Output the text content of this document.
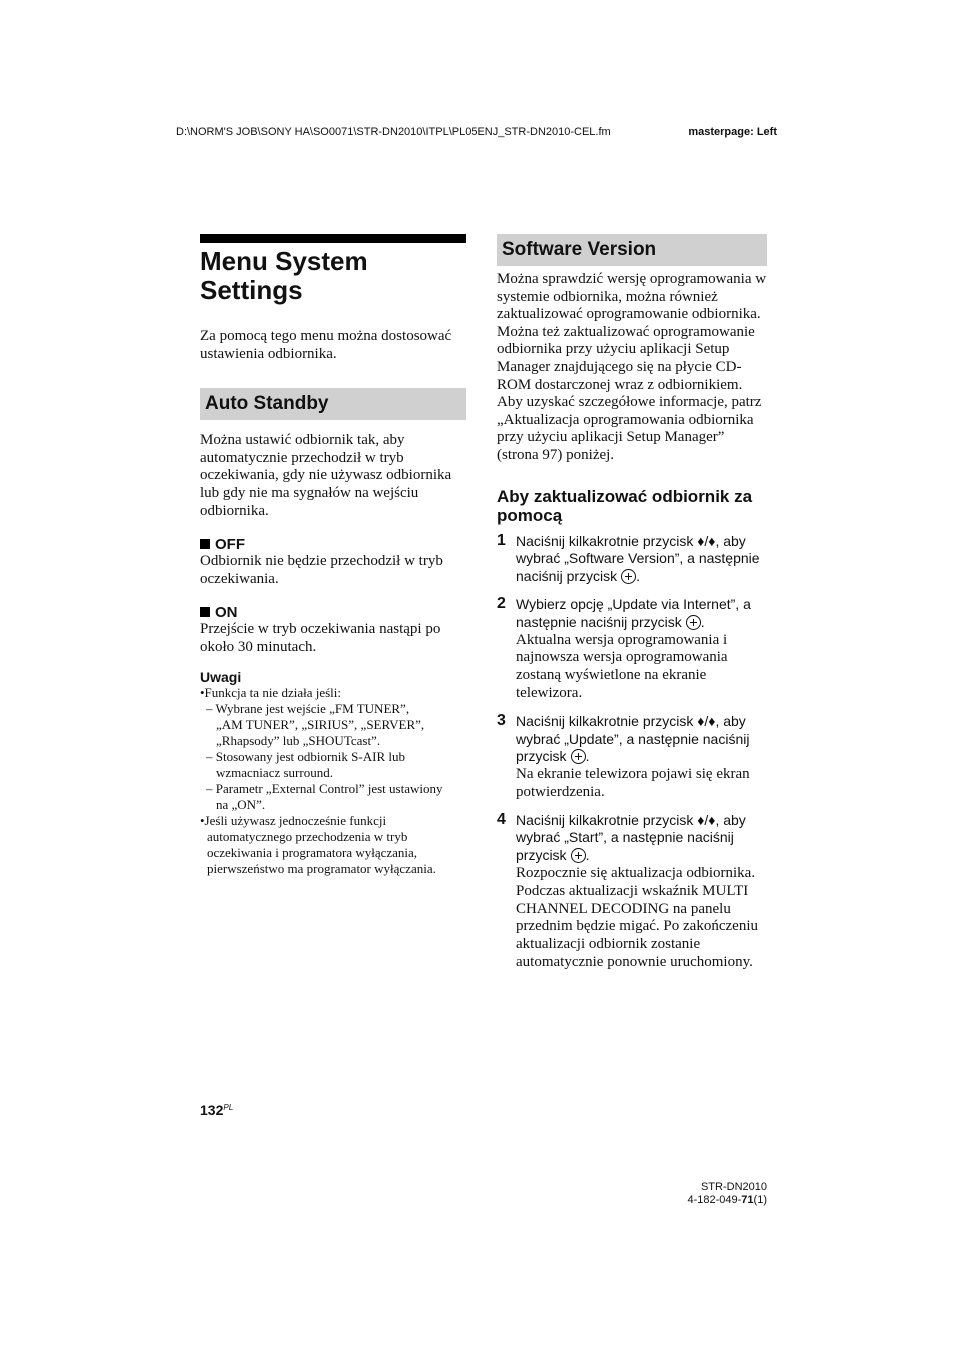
D:\NORM'S JOB\SONY HA\SO0071\STR-DN2010\ITPL\PL05ENJ_STR-DN2010-CEL.fm	masterpage: Left
Menu System
Settings
Za pomocą tego menu można dostosować ustawienia odbiornika.
Auto Standby
Można ustawić odbiornik tak, aby automatycznie przechodził w tryb oczekiwania, gdy nie używasz odbiornika lub gdy nie ma sygnałów na wejściu odbiornika.
OFF
Odbiornik nie będzie przechodził w tryb oczekiwania.
ON
Przejście w tryb oczekiwania nastąpi po około 30 minutach.
Uwagi

•Funkcja ta nie działa jeśli:

– Wybrane jest wejście „FM TUNER”,

„AM TUNER”, „SIRIUS”, „SERVER”,

„Rhapsody” lub „SHOUTcast”.

– Stosowany jest odbiornik S-AIR lub

wzmacniacz surround.

– Parametr „External Control” jest ustawiony

na „ON”.

•Jeśli używasz jednocześnie funkcji

automatycznego przechodzenia w tryb

oczekiwania i programatora wyłączania,

pierwszeństwo ma programator wyłączania.

Software Version
Można sprawdzić wersję oprogramowania w systemie odbiornika, można również zaktualizować oprogramowanie odbiornika.
Można też zaktualizować oprogramowanie odbiornika przy użyciu aplikacji Setup Manager znajdującego się na płycie CD-ROM dostarczonej wraz z odbiornikiem. Aby uzyskać szczegółowe informacje, patrz „Aktualizacja oprogramowania odbiornika przy użyciu aplikacji Setup Manager” (strona 97) poniżej.
Aby zaktualizować odbiornik za pomocą
1 Naciśnij kilkakrotnie przycisk ♦/♦, aby wybrać „Software Version”, a następnie naciśnij przycisk .
2 Wybierz opcję „Update via Internet”, a następnie naciśnij przycisk .
Aktualna wersja oprogramowania i najnowsza wersja oprogramowania zostaną wyświetlone na ekranie telewizora.
3 Naciśnij kilkakrotnie przycisk ♦/♦, aby wybrać „Update”, a następnie naciśnij przycisk .
Na ekranie telewizora pojawi się ekran potwierdzenia.
4 Naciśnij kilkakrotnie przycisk ♦/♦, aby wybrać „Start”, a następnie naciśnij przycisk .
Rozpocznie się aktualizacja odbiornika. Podczas aktualizacji wskaźnik MULTI CHANNEL DECODING na panelu przednim będzie migać. Po zakończeniu aktualizacji odbiornik zostanie automatycznie ponownie uruchomiony.
$132^{PL}$
STR-DN2010
4-182-049-71(1)
